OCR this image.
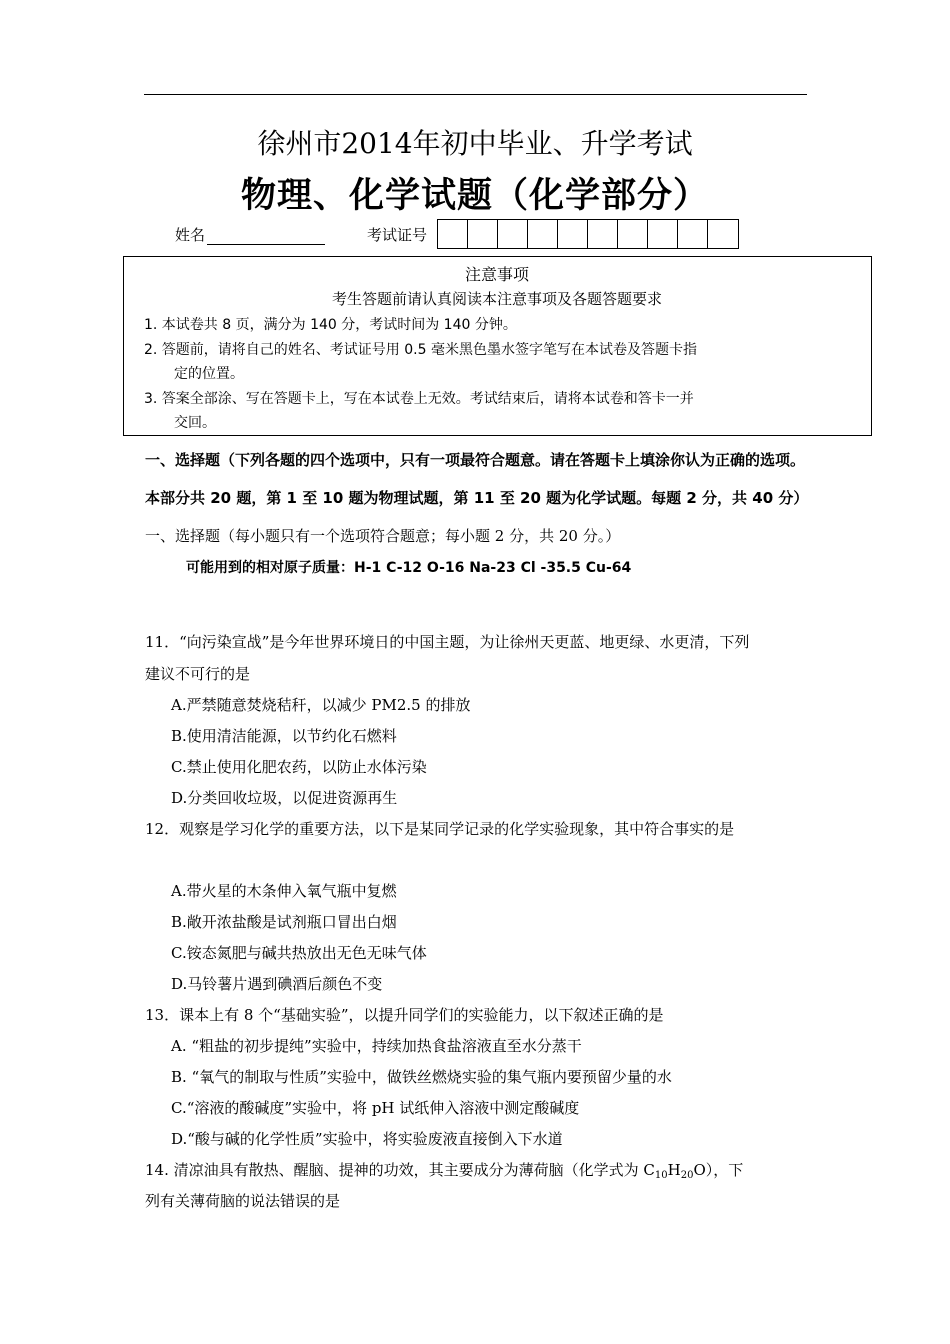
徐州市2014年初中毕业、升学考试
物理、化学试题（化学部分）
姓名	考试证号
注意事项
考生答题前请认真阅读本注意事项及各题答题要求
1. 本试卷共 8 页，满分为 140 分，考试时间为 140 分钟。
2. 答题前，请将自己的姓名、考试证号用 0.5 毫米黑色墨水签字笔写在本试卷及答题卡指
定的位置。
3. 答案全部涂、写在答题卡上，写在本试卷上无效。考试结束后，请将本试卷和答卡一并
交回。
一、选择题（下列各题的四个选项中，只有一项最符合题意。请在答题卡上填涂你认为正确的选项。
本部分共 20 题，第 1 至 10 题为物理试题，第 11 至 20 题为化学试题。每题 2 分，共 40 分）
一、选择题（每小题只有一个选项符合题意；每小题 2 分，共 20 分。）
可能用到的相对原子质量：H-1 C-12 O-16 Na-23 Cl -35.5 Cu-64
11．“向污染宣战”是今年世界环境日的中国主题，为让徐州天更蓝、地更绿、水更清，下列
建议不可行的是
A.严禁随意焚烧秸秆，以减少 PM2.5 的排放
B.使用清洁能源，以节约化石燃料
C.禁止使用化肥农药，以防止水体污染
D.分类回收垃圾，以促进资源再生
12．观察是学习化学的重要方法，以下是某同学记录的化学实验现象，其中符合事实的是
A.带火星的木条伸入氧气瓶中复燃
B.敞开浓盐酸是试剂瓶口冒出白烟
C.铵态氮肥与碱共热放出无色无味气体
D.马铃薯片遇到碘酒后颜色不变
13．课本上有 8 个“基础实验”，以提升同学们的实验能力，以下叙述正确的是
A. “粗盐的初步提纯”实验中，持续加热食盐溶液直至水分蒸干
B. “氧气的制取与性质”实验中，做铁丝燃烧实验的集气瓶内要预留少量的水
C.“溶液的酸碱度”实验中，将 pH 试纸伸入溶液中测定酸碱度
D.“酸与碱的化学性质”实验中，将实验废液直接倒入下水道
14. 清凉油具有散热、醒脑、提神的功效，其主要成分为薄荷脑（化学式为 $C_{10}H_{20}O$），下
列有关薄荷脑的说法错误的是
